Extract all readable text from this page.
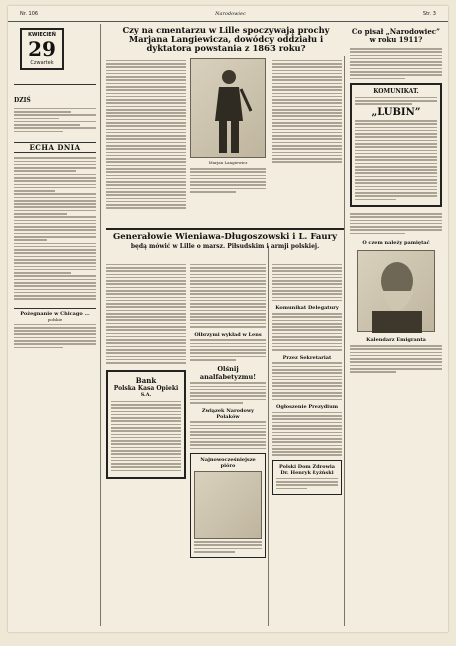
Nr. 106	Narodowiec	Str. 3
KWIECIEŃ
29
Czwartek
DZIŚ
ECHA DNIA
Pożegnanie w Chicago ...
polskie
Czy na cmentarzu w Lille spoczywają prochy Marjana Langiewicza, dowódcy oddziału i dyktatora powstania z 1863 roku?
Marjan Langiewicz
Co pisał „Narodowiec” w roku 1911?
KOMUNIKAT.
„LUBIN”
O czem należy pamiętać
Kalendarz Emigranta
Generałowie Wieniawa-Długoszowski i L. Faury
będą mówić w Lille o marsz. Piłsudskim i armji polskiej.
Bank
Polska Kasa Opieki
S.A.
Olbrzymi wykład w Lens
Olśnij analfabetyzmu!
Związek Narodowy Polaków
Najnowocześniejsze pióro
Komunikat Delegatury
Przez Sekretariat
Ogłoszenie Prezydium
Polski Dom Zdrowia Dr. Henryk Łyżński
